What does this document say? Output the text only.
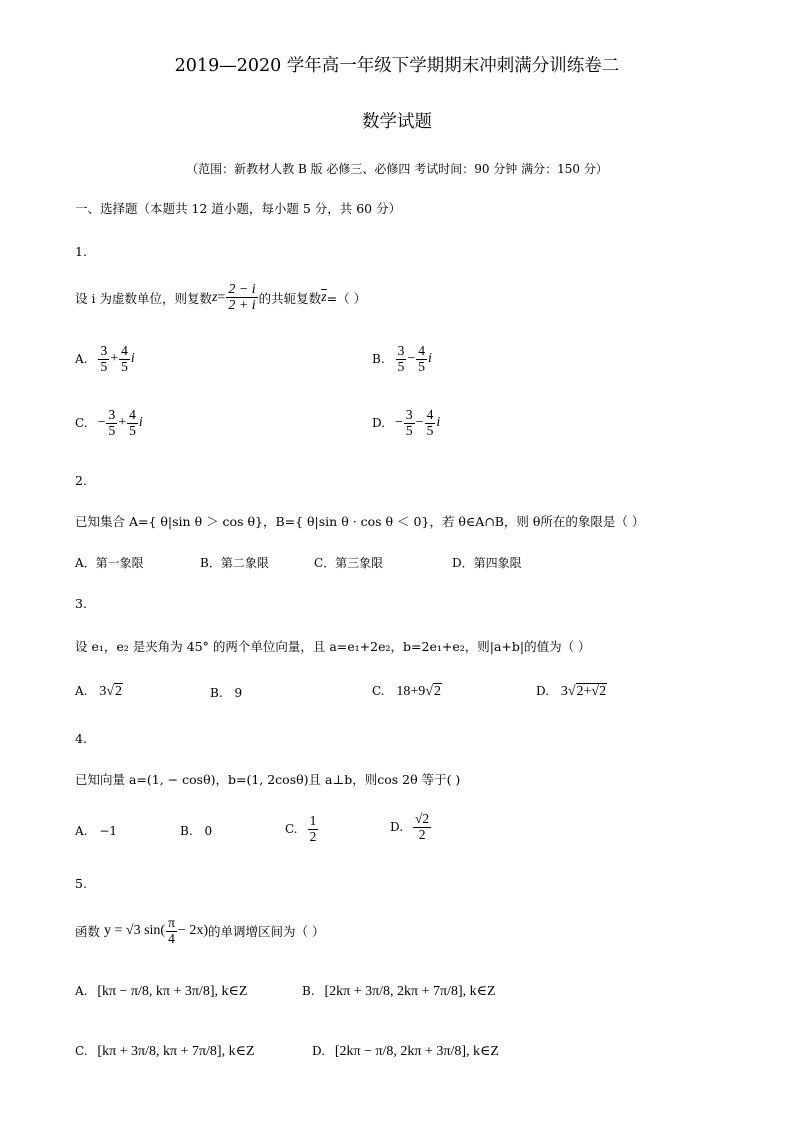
2019—2020 学年高一年级下学期期末冲刺满分训练卷二
数学试题
（范围：新教材人教 B 版 必修三、必修四 考试时间：90 分钟 满分：150 分）
一、选择题（本题共 12 道小题，每小题 5 分，共 60 分）
1.
设 i 为虚数单位，则复数 $z = \frac{2 - i}{2 + i}$ 的共轭复数 $\overline{z}$ =（ ）
A. $\frac{3}{5} + \frac{4}{5}$ i	B. $\frac{3}{5} - \frac{4}{5}$ i
C. − $\frac{3}{5} + \frac{4}{5}$ i	D. − $\frac{3}{5} - \frac{4}{5}$ i
2.
已知集合 A={ θ|sin θ ＞ cos θ}，B={ θ|sin θ · cos θ ＜ 0}，若 θ∈A∩B，则 θ所在的象限是（ ）
A．第一象限	B．第二象限	C．第三象限	D．第四象限
3.
设 e₁，e₂ 是夹角为 45° 的两个单位向量，且 a=e₁+2e₂，b=2e₁+e₂，则|a+b|的值为（ ）
A. 3√2	B. 9	C. 18+9√2	D. 3√2+√2
4.
已知向量 a=(1, − cosθ)，b=(1, 2cosθ)且 a⊥b，则cos 2θ 等于( )
A. −1	B. 0	C. $\frac{1}{2}$	D. $\frac{√2}{2}$
5.
函数 y = √3 $\sin( \frac{\pi}{4} - 2x)$ 的单调增区间为（ ）
A. [kπ − π/8, kπ + 3π/8], k∈Z	B. [2kπ + 3π/8, 2kπ + 7π/8], k∈Z
C. [kπ + 3π/8, kπ + 7π/8], k∈Z	D. [2kπ − π/8, 2kπ + 3π/8], k∈Z
